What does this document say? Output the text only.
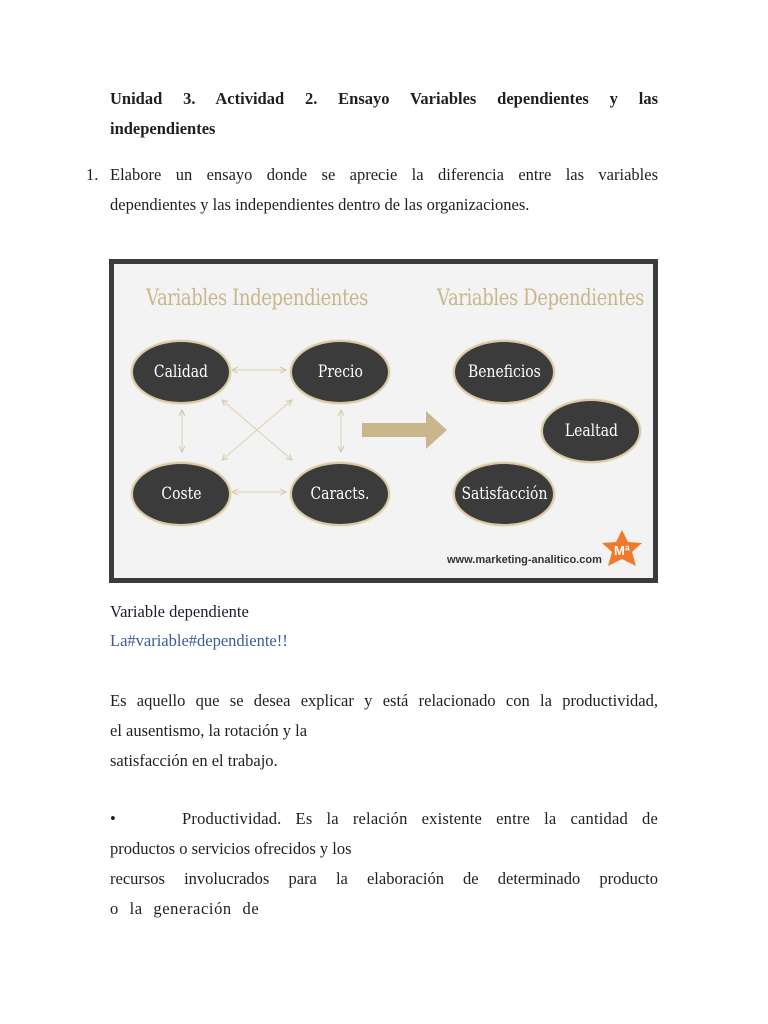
Unidad 3. Actividad 2. Ensayo Variables dependientes y las
independientes
1. Elabore un ensayo donde se aprecie la diferencia entre las variables
dependientes y las independientes dentro de las organizaciones.
Variables Independientes	Variables Dependientes
Calidad	Precio
Coste	Caracts.
Beneficios
Lealtad
Satisfacción
www.marketing-analitico.com
Mª
Variable dependiente
La#variable#dependiente!!
Es aquello que se desea explicar y está relacionado con la productividad,
el ausentismo, la rotación y la
satisfacción en el trabajo.
•	Productividad. Es la relación existente entre la cantidad de
productos o servicios ofrecidos y los
recursos involucrados para la elaboración de determinado producto
o la generación de
